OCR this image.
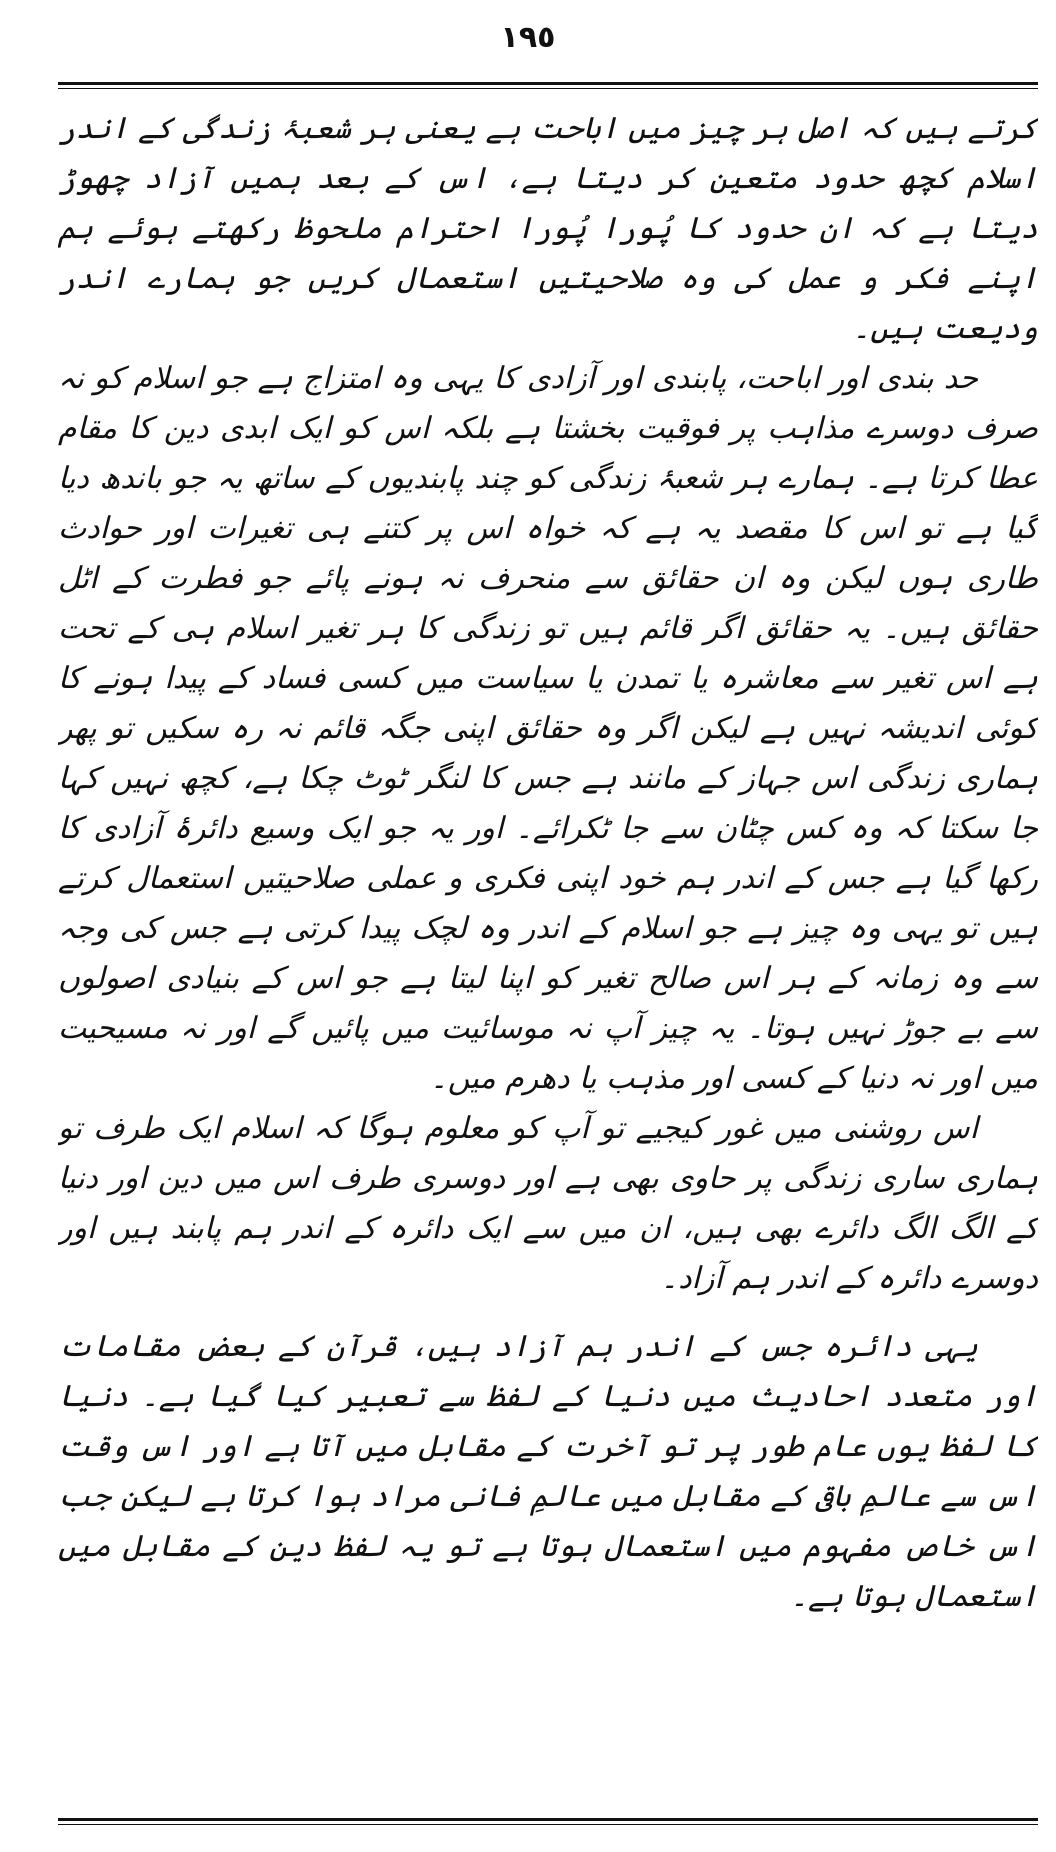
١٩٥

کرتے ہیں کہ اصل ہر چیز میں اباحت ہے یعنی ہر شعبۂ زندگی کے اندر اسلام کچھ حدود متعین کر دیتا ہے، اس کے بعد ہمیں آزاد چھوڑ دیتا ہے کہ ان حدود کا پُورا پُورا احترام ملحوظ رکھتے ہوئے ہم اپنے فکر و عمل کی وہ صلاحیتیں استعمال کریں جو ہمارے اندر ودیعت ہیں۔

حد بندی اور اباحت، پابندی اور آزادی کا یہی وہ امتزاج ہے جو اسلام کو نہ صرف دوسرے مذاہب پر فوقیت بخشتا ہے بلکہ اس کو ایک ابدی دین کا مقام عطا کرتا ہے۔ ہمارے ہر شعبۂ زندگی کو چند پابندیوں کے ساتھ یہ جو باندھ دیا گیا ہے تو اس کا مقصد یہ ہے کہ خواہ اس پر کتنے ہی تغیرات اور حوادث طاری ہوں لیکن وہ ان حقائق سے منحرف نہ ہونے پائے جو فطرت کے اٹل حقائق ہیں۔ یہ حقائق اگر قائم ہیں تو زندگی کا ہر تغیر اسلام ہی کے تحت ہے اس تغیر سے معاشرہ یا تمدن یا سیاست میں کسی فساد کے پیدا ہونے کا کوئی اندیشہ نہیں ہے لیکن اگر وہ حقائق اپنی جگہ قائم نہ رہ سکیں تو پھر ہماری زندگی اس جہاز کے مانند ہے جس کا لنگر ٹوٹ چکا ہے، کچھ نہیں کہا جا سکتا کہ وہ کس چٹان سے جا ٹکرائے۔ اور یہ جو ایک وسیع دائرۂ آزادی کا رکھا گیا ہے جس کے اندر ہم خود اپنی فکری و عملی صلاحیتیں استعمال کرتے ہیں تو یہی وہ چیز ہے جو اسلام کے اندر وہ لچک پیدا کرتی ہے جس کی وجہ سے وہ زمانہ کے ہر اس صالح تغیر کو اپنا لیتا ہے جو اس کے بنیادی اصولوں سے بے جوڑ نہیں ہوتا۔ یہ چیز آپ نہ موسائیت میں پائیں گے اور نہ مسیحیت میں اور نہ دنیا کے کسی اور مذہب یا دھرم میں۔

اس روشنی میں غور کیجیے تو آپ کو معلوم ہوگا کہ اسلام ایک طرف تو ہماری ساری زندگی پر حاوی بھی ہے اور دوسری طرف اس میں دین اور دنیا کے الگ الگ دائرے بھی ہیں، ان میں سے ایک دائرہ کے اندر ہم پابند ہیں اور دوسرے دائرہ کے اندر ہم آزاد۔

یہی دائرہ جس کے اندر ہم آزاد ہیں، قرآن کے بعض مقامات اور متعدد احادیث میں دنیا کے لفظ سے تعبیر کیا گیا ہے۔ دنیا کا لفظ یوں عام طور پر تو آخرت کے مقابل میں آتا ہے اور اس وقت اس سے عالمِ باقی کے مقابل میں عالمِ فانی مراد ہوا کرتا ہے لیکن جب اس خاص مفہوم میں استعمال ہوتا ہے تو یہ لفظ دین کے مقابل میں استعمال ہوتا ہے۔
